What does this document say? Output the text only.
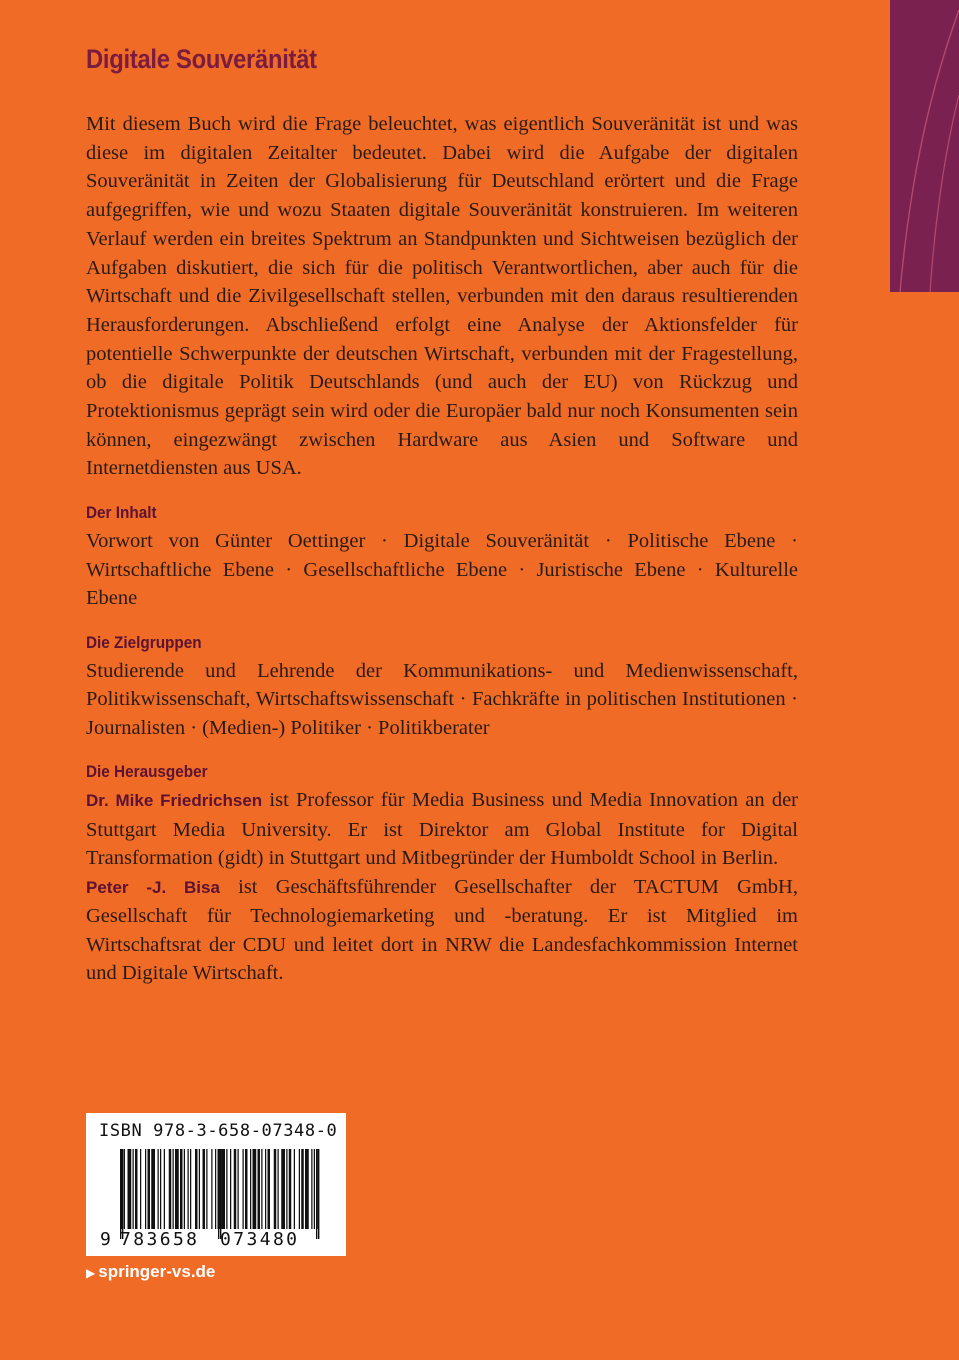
Digitale Souveränität

Mit diesem Buch wird die Frage beleuchtet, was eigentlich Souveränität ist und was diese im digitalen Zeitalter bedeutet. Dabei wird die Aufgabe der digitalen Souveränität in Zeiten der Globalisierung für Deutschland erörtert und die Frage aufgegriffen, wie und wozu Staaten digitale Souveränität konstruieren. Im weiteren Verlauf werden ein breites Spektrum an Standpunkten und Sichtweisen bezüglich der Aufgaben diskutiert, die sich für die politisch Verantwortlichen, aber auch für die Wirtschaft und die Zivilgesellschaft stellen, verbunden mit den daraus resultierenden Herausforderungen. Abschließend erfolgt eine Analyse der Aktionsfelder für potentielle Schwerpunkte der deutschen Wirtschaft, verbunden mit der Fragestellung, ob die digitale Politik Deutschlands (und auch der EU) von Rückzug und Protektionismus geprägt sein wird oder die Europäer bald nur noch Konsumenten sein können, eingezwängt zwischen Hardware aus Asien und Software und Internetdiensten aus USA.

Der Inhalt

Vorwort von Günter Oettinger · Digitale Souveränität · Politische Ebene · Wirtschaftliche Ebene · Gesellschaftliche Ebene · Juristische Ebene · Kulturelle Ebene

Die Zielgruppen

Studierende und Lehrende der Kommunikations- und Medienwissenschaft, Politikwissenschaft, Wirtschaftswissenschaft · Fachkräfte in politischen Institutionen · Journalisten · (Medien-) Politiker · Politikberater

Die Herausgeber

Dr. Mike Friedrichsen ist Professor für Media Business und Media Innovation an der Stuttgart Media University. Er ist Direktor am Global Institute for Digital Transformation (gidt) in Stuttgart und Mitbegründer der Humboldt School in Berlin.

Peter -J. Bisa ist Geschäftsführender Gesellschafter der TACTUM GmbH, Gesellschaft für Technologiemarketing und -beratung. Er ist Mitglied im Wirtschaftsrat der CDU und leitet dort in NRW die Landesfachkommission Internet und Digitale Wirtschaft.

ISBN 978-3-658-07348-0
9 783658 073480
▶ springer-vs.de
